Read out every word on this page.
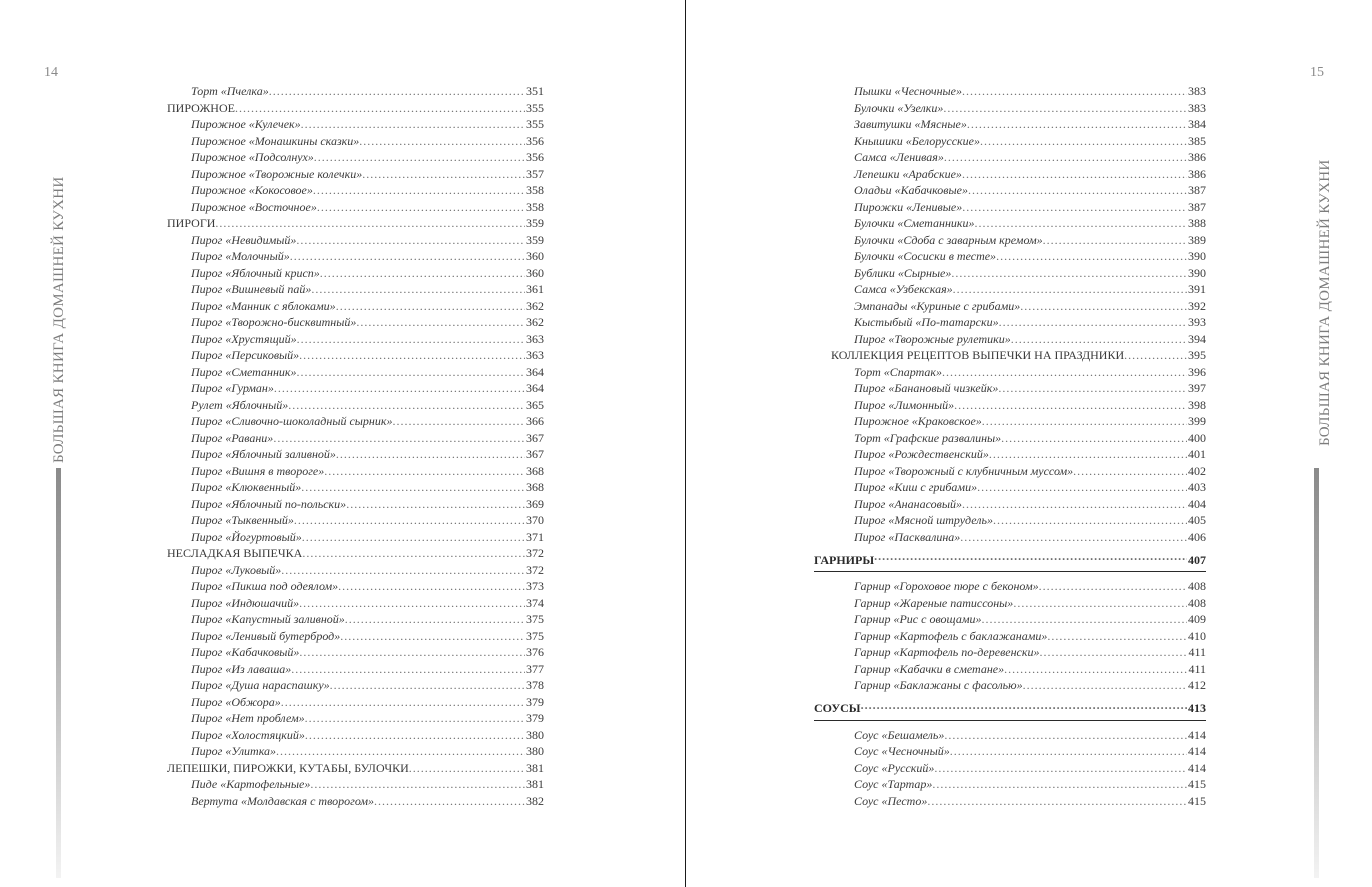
14
БОЛЬШАЯ КНИГА ДОМАШНЕЙ КУХНИ
Торт «Пчелка» .....	351
ПИРОЖНОЕ .....	355
Пирожное «Кулечек» .....	355
Пирожное «Монашкины сказки» .....	356
Пирожное «Подсолнух» .....	356
Пирожное «Творожные колечки» .....	357
Пирожное «Кокосовое» .....	358
Пирожное «Восточное» .....	358
ПИРОГИ .....	359
Пирог «Невидимый» .....	359
Пирог «Молочный» .....	360
Пирог «Яблочный крисп» .....	360
Пирог «Вишневый пай» .....	361
Пирог «Манник с яблоками» .....	362
Пирог «Творожно-бисквитный» .....	362
Пирог «Хрустящий» .....	363
Пирог «Персиковый» .....	363
Пирог «Сметанник» .....	364
Пирог «Гурман» .....	364
Рулет «Яблочный» .....	365
Пирог «Сливочно-шоколадный сырник» .....	366
Пирог «Равани» .....	367
Пирог «Яблочный заливной» .....	367
Пирог «Вишня в твороге» .....	368
Пирог «Клюквенный» .....	368
Пирог «Яблочный по-польски» .....	369
Пирог «Тыквенный» .....	370
Пирог «Йогуртовый» .....	371
НЕСЛАДКАЯ ВЫПЕЧКА .....	372
Пирог «Луковый» .....	372
Пирог «Пикша под одеялом» .....	373
Пирог «Индюшачий» .....	374
Пирог «Капустный заливной» .....	375
Пирог «Ленивый бутерброд» .....	375
Пирог «Кабачковый» .....	376
Пирог «Из лаваша» .....	377
Пирог «Душа нараспашку» .....	378
Пирог «Обжора» .....	379
Пирог «Нет проблем» .....	379
Пирог «Холостяцкий» .....	380
Пирог «Улитка» .....	380
ЛЕПЕШКИ, ПИРОЖКИ, КУТАБЫ, БУЛОЧКИ .....	381
Пиде «Картофельные» .....	381
Вертута «Молдавская с творогом» .....	382
15
БОЛЬШАЯ КНИГА ДОМАШНЕЙ КУХНИ
Пышки «Чесночные» .....	383
Булочки «Узелки» .....	383
Завитушки «Мясные» .....	384
Кнышики «Белорусские» .....	385
Самса «Ленивая» .....	386
Лепешки «Арабские» .....	386
Оладьи «Кабачковые» .....	387
Пирожки «Ленивые» .....	387
Булочки «Сметанники» .....	388
Булочки «Сдоба с заварным кремом» .....	389
Булочки «Сосиски в тесте» .....	390
Бублики «Сырные» .....	390
Самса «Узбекская» .....	391
Эмпанады «Куриные с грибами» .....	392
Кыстыбый «По-татарски» .....	393
Пирог «Творожные рулетики» .....	394
КОЛЛЕКЦИЯ РЕЦЕПТОВ ВЫПЕЧКИ НА ПРАЗДНИКИ .....	395
Торт «Спартак» .....	396
Пирог «Банановый чизкейк» .....	397
Пирог «Лимонный» .....	398
Пирожное «Краковское» .....	399
Торт «Графские развалины» .....	400
Пирог «Рождественский» .....	401
Пирог «Творожный с клубничным муссом» .....	402
Пирог «Киш с грибами» .....	403
Пирог «Ананасовый» .....	404
Пирог «Мясной штрудель» .....	405
Пирог «Пасквалина» .....	406
ГАРНИРЫ .....	407
Гарнир «Гороховое пюре с беконом» .....	408
Гарнир «Жареные патиссоны» .....	408
Гарнир «Рис с овощами» .....	409
Гарнир «Картофель с баклажанами» .....	410
Гарнир «Картофель по-деревенски» .....	411
Гарнир «Кабачки в сметане» .....	411
Гарнир «Баклажаны с фасолью» .....	412
СОУСЫ .....	413
Соус «Бешамель» .....	414
Соус «Чесночный» .....	414
Соус «Русский» .....	414
Соус «Тартар» .....	415
Соус «Песто» .....	415
